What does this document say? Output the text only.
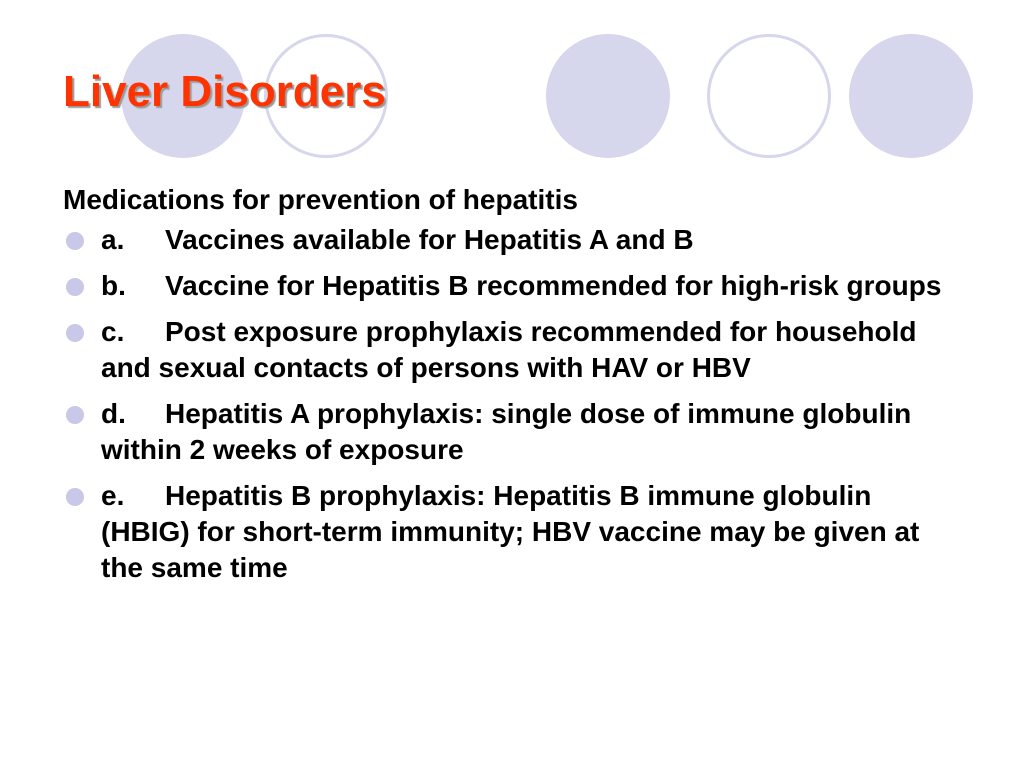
Liver Disorders

Medications for prevention of hepatitis

a. Vaccines available for Hepatitis A and B
b. Vaccine for Hepatitis B recommended for high-risk groups
c. Post exposure prophylaxis recommended for household and sexual contacts of persons with HAV or HBV
d. Hepatitis A prophylaxis: single dose of immune globulin within 2 weeks of exposure
e. Hepatitis B prophylaxis: Hepatitis B immune globulin (HBIG) for short-term immunity; HBV vaccine may be given at the same time
